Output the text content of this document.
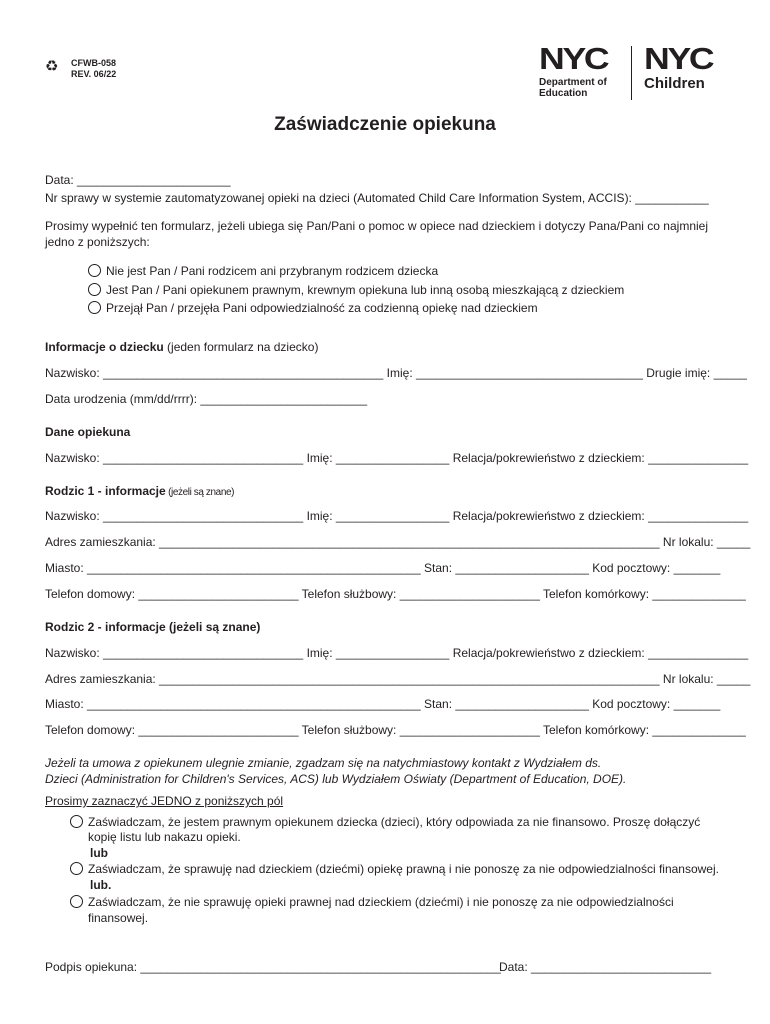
♻ CFWB-058
REV. 06/22	NYC
Department of
Education
NYC
Children
Zaświadczenie opiekuna
Data: _______________________
Nr sprawy w systemie zautomatyzowanej opieki na dzieci (Automated Child Care Information System, ACCIS): ___________
Prosimy wypełnić ten formularz, jeżeli ubiega się Pan/Pani o pomoc w opiece nad dzieckiem i dotyczy Pana/Pani co najmniej
jedno z poniższych:
Nie jest Pan / Pani rodzicem ani przybranym rodzicem dziecka
Jest Pan / Pani opiekunem prawnym, krewnym opiekuna lub inną osobą mieszkającą z dzieckiem
Przejął Pan / przejęła Pani odpowiedzialność za codzienną opiekę nad dzieckiem
Informacje o dziecku (jeden formularz na dziecko)
Nazwisko: __________________________________________ Imię: __________________________________ Drugie imię: _____
Data urodzenia (mm/dd/rrrr): _________________________
Dane opiekuna
Nazwisko: ______________________________ Imię: _________________ Relacja/pokrewieństwo z dzieckiem: _______________
Rodzic 1 - informacje (jeżeli są znane)
Nazwisko: ______________________________ Imię: _________________ Relacja/pokrewieństwo z dzieckiem: _______________
Adres zamieszkania: ___________________________________________________________________________ Nr lokalu: _____
Miasto: __________________________________________________ Stan: ____________________ Kod pocztowy: _______
Telefon domowy: ________________________ Telefon służbowy: _____________________ Telefon komórkowy: ______________
Rodzic 2 - informacje (jeżeli są znane)
Nazwisko: ______________________________ Imię: _________________ Relacja/pokrewieństwo z dzieckiem: _______________
Adres zamieszkania: ___________________________________________________________________________ Nr lokalu: _____
Miasto: __________________________________________________ Stan: ____________________ Kod pocztowy: _______
Telefon domowy: ________________________ Telefon służbowy: _____________________ Telefon komórkowy: ______________
Jeżeli ta umowa z opiekunem ulegnie zmianie, zgadzam się na natychmiastowy kontakt z Wydziałem ds.
Dzieci (Administration for Children's Services, ACS) lub Wydziałem Oświaty (Department of Education, DOE).
Prosimy zaznaczyć JEDNO z poniższych pól
Zaświadczam, że jestem prawnym opiekunem dziecka (dzieci), który odpowiada za nie finansowo. Proszę dołączyć
kopię listu lub nakazu opieki.
lub
Zaświadczam, że sprawuję nad dzieckiem (dziećmi) opiekę prawną i nie ponoszę za nie odpowiedzialności finansowej.
lub.
Zaświadczam, że nie sprawuję opieki prawnej nad dzieckiem (dziećmi) i nie ponoszę za nie odpowiedzialności
finansowej.
Podpis opiekuna: ______________________________________________________
Data: ___________________________
